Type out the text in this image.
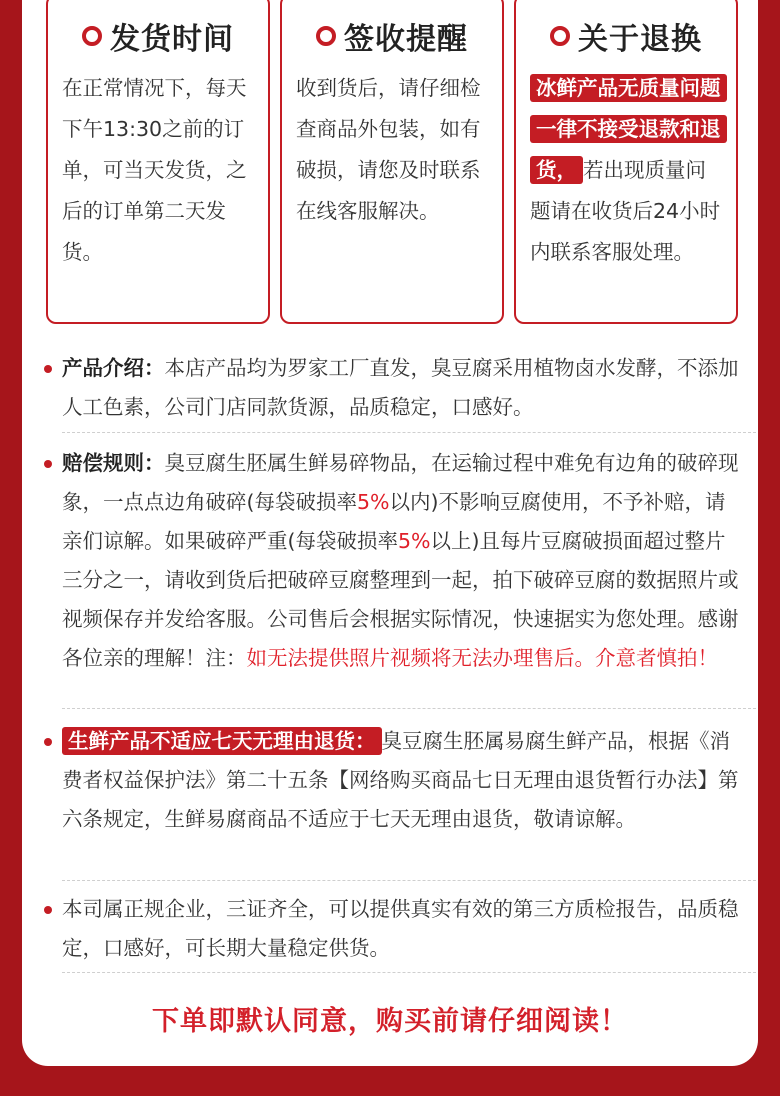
发货时间
在正常情况下，每天下午13:30之前的订单，可当天发货，之后的订单第二天发货。
签收提醒
收到货后，请仔细检查商品外包装，如有破损，请您及时联系在线客服解决。
关于退换
冰鲜产品无质量问题一律不接受退款和退货， 若出现质量问题请在收货后24小时内联系客服处理。
产品介绍：本店产品均为罗家工厂直发，臭豆腐采用植物卤水发酵，不添加人工色素，公司门店同款货源，品质稳定，口感好。
赔偿规则：臭豆腐生胚属生鲜易碎物品，在运输过程中难免有边角的破碎现象，一点点边角破碎(每袋破损率5%以内)不影响豆腐使用，不予补赔，请亲们谅解。如果破碎严重(每袋破损率5%以上)且每片豆腐破损面超过整片三分之一，请收到货后把破碎豆腐整理到一起，拍下破碎豆腐的数据照片或视频保存并发给客服。公司售后会根据实际情况，快速据实为您处理。感谢各位亲的理解！注：如无法提供照片视频将无法办理售后。介意者慎拍！
生鲜产品不适应七天无理由退货： 臭豆腐生胚属易腐生鲜产品，根据《消费者权益保护法》第二十五条【网络购买商品七日无理由退货暂行办法】第六条规定，生鲜易腐商品不适应于七天无理由退货，敬请谅解。
本司属正规企业，三证齐全，可以提供真实有效的第三方质检报告，品质稳定，口感好，可长期大量稳定供货。
下单即默认同意，购买前请仔细阅读！
